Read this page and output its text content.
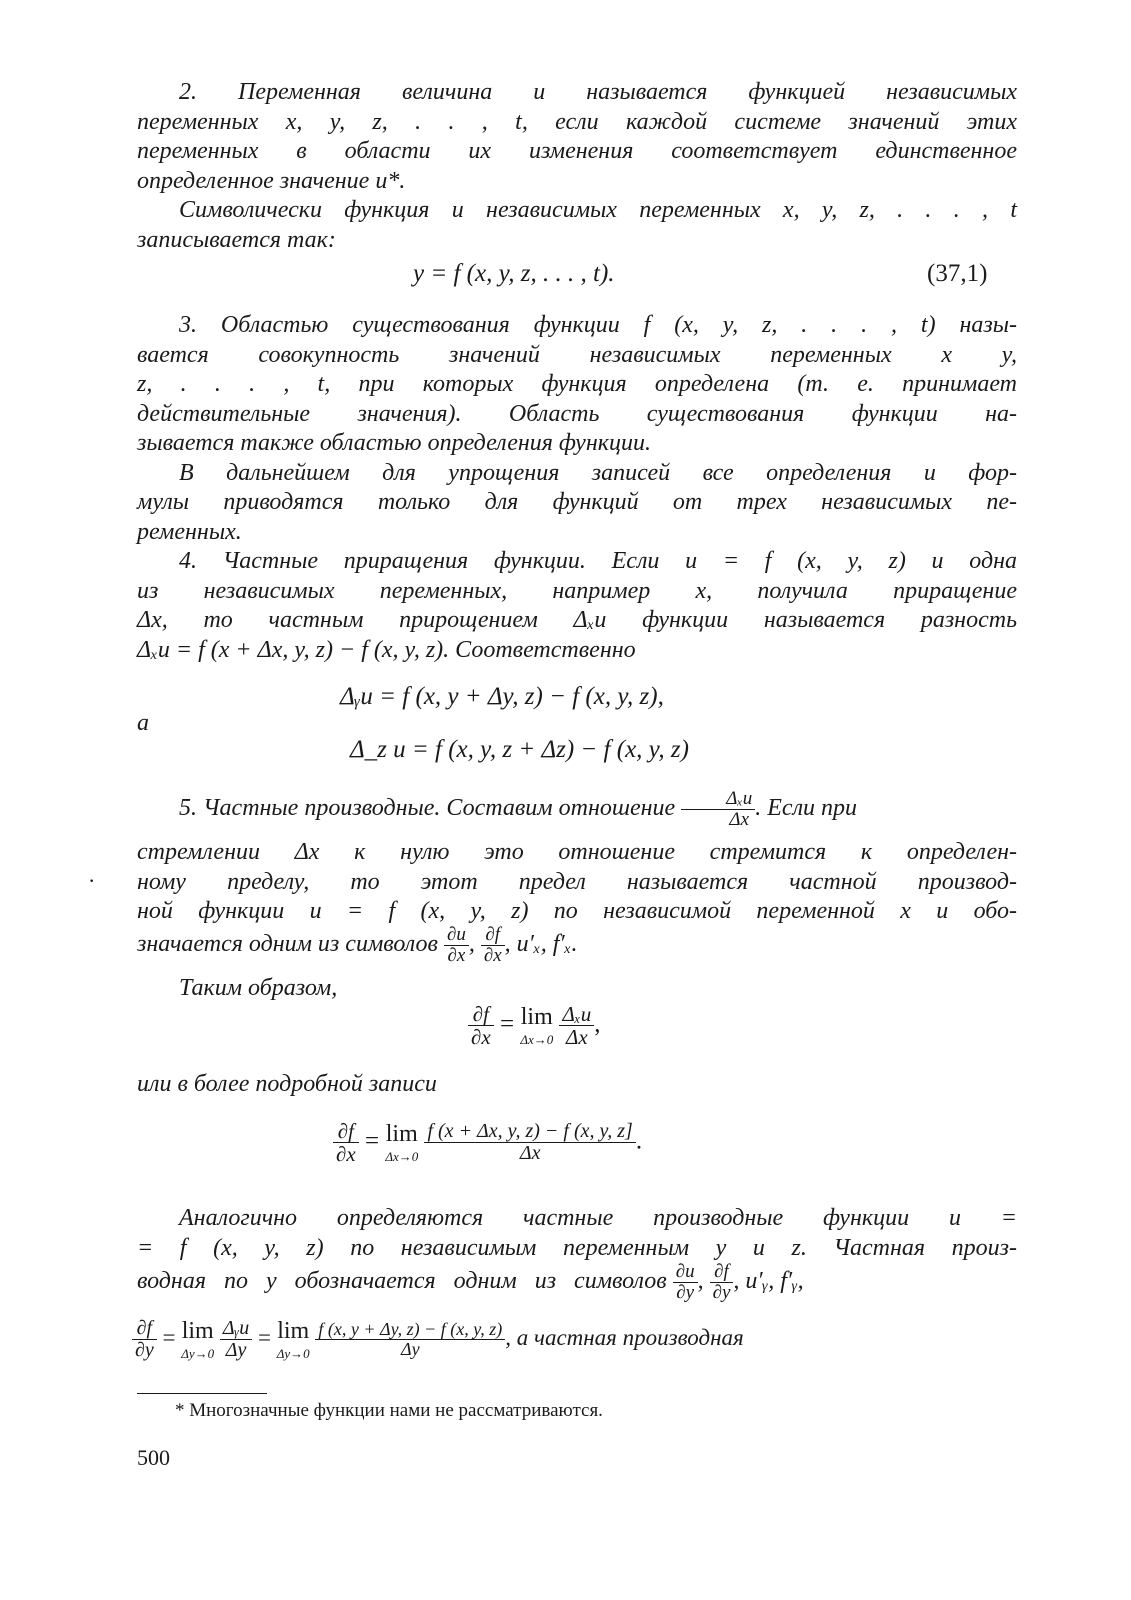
2. Переменная величина u называется функцией независимых
переменных x, y, z, . . , t, если каждой системе значений этих
переменных в области их изменения соответствует единственное
определенное значение u*.
Символически функция u независимых переменных x, y, z, . . . , t
записывается так:
y = f (x, y, z, . . . , t).	(37,1)
3. Областью существования функции f (x, y, z, . . . , t) назы-
вается совокупность значений независимых переменных x y,
z, . . . , t, при которых функция определена (т. е. принимает
действительные значения). Область существования функции на-
зывается также областью определения функции.
В дальнейшем для упрощения записей все определения и фор-
мулы приводятся только для функций от трех независимых пе-
ременных.
4. Частные приращения функции. Если u = f (x, y, z) и одна
из независимых переменных, например x, получила приращение
Δx, то частным прирощением Δₓu функции называется разность
Δₓu = f (x + Δx, y, z) − f (x, y, z). Соответственно
Δᵧu = f (x, y + Δy, z) − f (x, y, z),
а
Δ_z u = f (x, y, z + Δz) − f (x, y, z)
5. Частные производные. Составим отношение $\frac{\text{Δₓu}}{\Delta x}$ . Если при
стремлении Δx к нулю это отношение стремится к определен-
ному пределу, то этот предел называется частной производ-
ной функции u = f (x, y, z) по независимой переменной x и обо-
значается одним из символов $\frac{\partial u}{\partial x}$ , $\frac{\partial f}{\partial x}$ , u′ₓ, f′ₓ.
Таким образом,
$\frac{\partial f}{\partial x} = \lim$
Δx→0
$\frac{\text{Δₓu}}{\Delta x}$ ,
или в более подробной записи
$\frac{\partial f}{\partial x} = \lim$
Δx→0
$\frac{f (x + \Delta x, y, z) - f (x, y, z]}{\Delta x}$ .
Аналогично определяются частные производные функции u =
= f (x, y, z) по независимым переменным y и z. Частная произ-
водная по y обозначается одним из символов $\frac{\partial u}{\partial y}$ , $\frac{\partial f}{\partial y}$ , u′ᵧ, f′ᵧ,
$\frac{\partial f}{\partial y} = \lim$
Δy→0
$\frac{\text{Δᵧu}}{\Delta y} = \lim$
Δy→0
$\frac{f (x, y + \Delta y, z) - f (x, y, z)}{\Delta y}$ , а частная производная
·
* Многозначные функции нами не рассматриваются.
500
